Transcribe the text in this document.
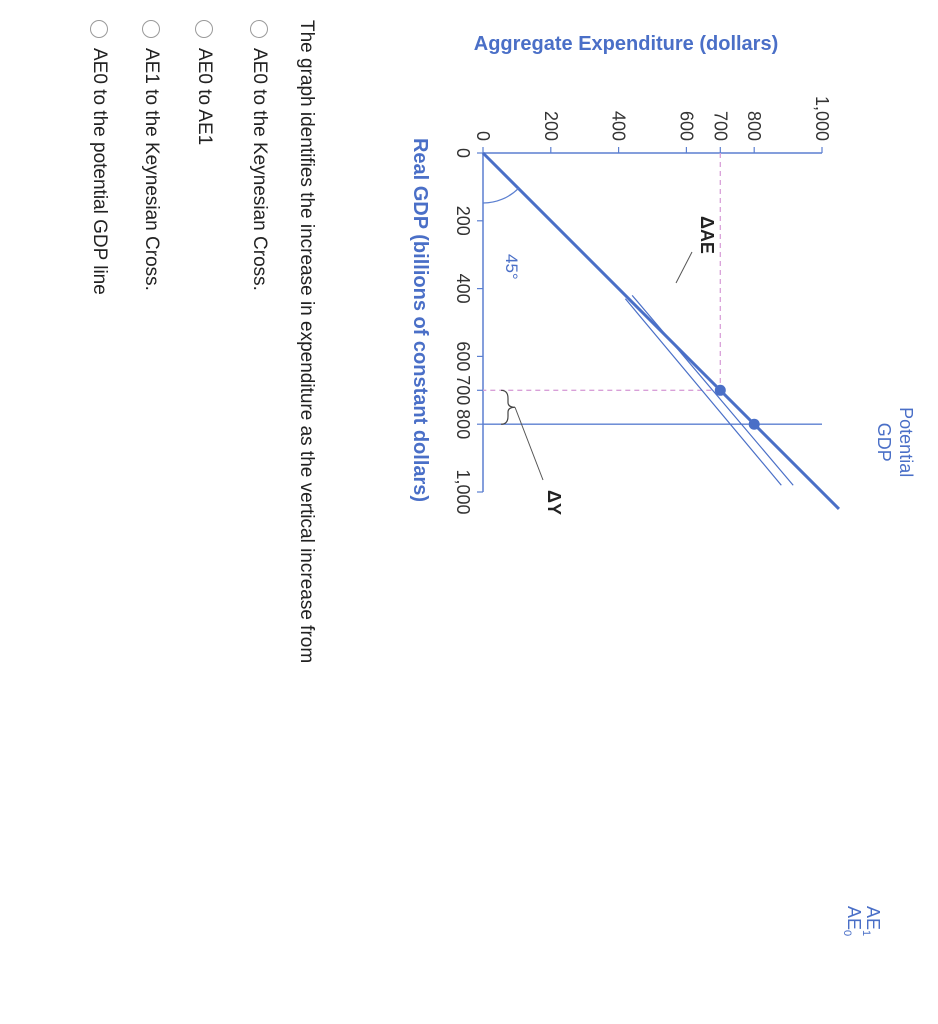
0	200	400	600 700 800	1,000
0
200
400
600
700
800
1,000
Aggregate Expenditure (dollars)
Real GDP (billions of constant dollars)	Potential
GDP
$AE_1$
$AE_0$
45°
ΔAE
ΔY
The graph identifies the increase in expenditure as the vertical increase from
AE0 to the Keynesian Cross.
AE0 to AE1
AE1 to the Keynesian Cross.
AE0 to the potential GDP line
